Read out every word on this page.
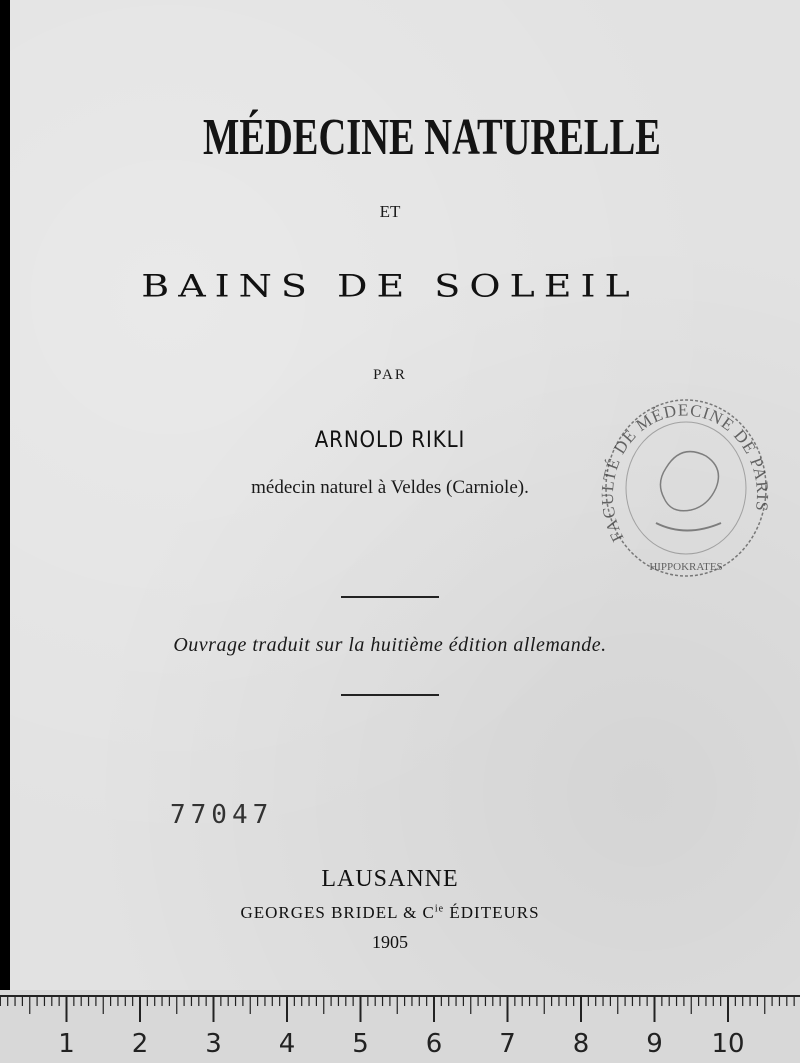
MÉDECINE NATURELLE
ET
BAINS DE SOLEIL
PAR
ARNOLD RIKLI
médecin naturel à Veldes (Carniole).
Ouvrage traduit sur la huitième édition allemande.
77047
LAUSANNE
GEORGES BRIDEL & $C^{ie}$ ÉDITEURS
1905
FACULTÉ DE MÉDECINE DE PARIS
HIPPOKRATES
1 2 3 4 5 6 7 8 9 10
